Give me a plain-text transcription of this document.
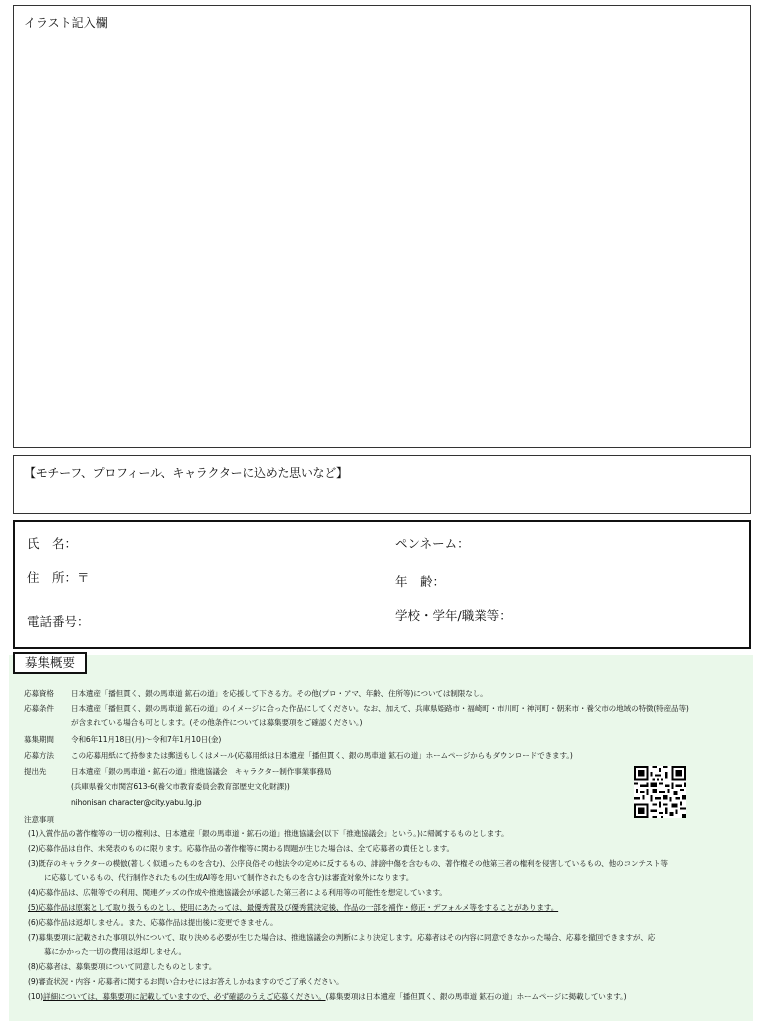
イラスト記入欄
【モチーフ、プロフィール、キャラクターに込めた思いなど】
氏　名：	ペンネーム：
住　所：〒	年　齢：
電話番号：	学校・学年/職業等：
募集概要
応募資格 日本遺産「播但貫く、銀の馬車道 鉱石の道」を応援して下さる方。その他(プロ・アマ、年齢、住所等)については制限なし。
応募条件 日本遺産「播但貫く、銀の馬車道 鉱石の道」のイメージに合った作品にしてください。なお、加えて、兵庫県姫路市・福崎町・市川町・神河町・朝来市・養父市の地域の特徴(特産品等)
が含まれている場合も可とします。(その他条件については募集要項をご確認ください。)
募集期間 令和6年11月18日(月)～令和7年1月10日(金)
応募方法 この応募用紙にて持参または郵送もしくはメール(応募用紙は日本遺産「播但貫く、銀の馬車道 鉱石の道」ホームページからもダウンロードできます。)
提出先	日本遺産「銀の馬車道・鉱石の道」推進協議会　キャラクター制作事業事務局
(兵庫県養父市関宮613-6(養父市教育委員会教育部歴史文化財課))
nihonisan character@city.yabu.lg.jp
注意事項
(1)入賞作品の著作権等の一切の権利は、日本遺産「銀の馬車道・鉱石の道」推進協議会(以下「推進協議会」という。)に帰属するものとします。
(2)応募作品は自作、未発表のものに限ります。応募作品の著作権等に関わる問題が生じた場合は、全て応募者の責任とします。
(3)既存のキャラクターの模倣(著しく似通ったものを含む)、公序良俗その他法令の定めに反するもの、誹謗中傷を含むもの、著作権その他第三者の権利を侵害しているもの、他のコンテスト等
に応募しているもの、代行制作されたもの(生成AI等を用いて制作されたものを含む)は審査対象外になります。
(4)応募作品は、広報等での利用、関連グッズの作成や推進協議会が承認した第三者による利用等の可能性を想定しています。
(5)応募作品は原案として取り扱うものとし、使用にあたっては、最優秀賞及び優秀賞決定後、作品の一部を補作・修正・デフォルメ等をすることがあります。
(6)応募作品は返却しません。また、応募作品は提出後に変更できません。
(7)募集要項に記載された事項以外について、取り決める必要が生じた場合は、推進協議会の判断により決定します。応募者はその内容に同意できなかった場合、応募を撤回できますが、応
募にかかった一切の費用は返却しません。
(8)応募者は、募集要項について同意したものとします。
(9)審査状況・内容・応募者に関するお問い合わせにはお答えしかねますのでご了承ください。
(10)詳細については、募集要項に記載していますので、必ず確認のうえご応募ください。(募集要項は日本遺産「播但貫く、銀の馬車道 鉱石の道」ホームページに掲載しています。)
